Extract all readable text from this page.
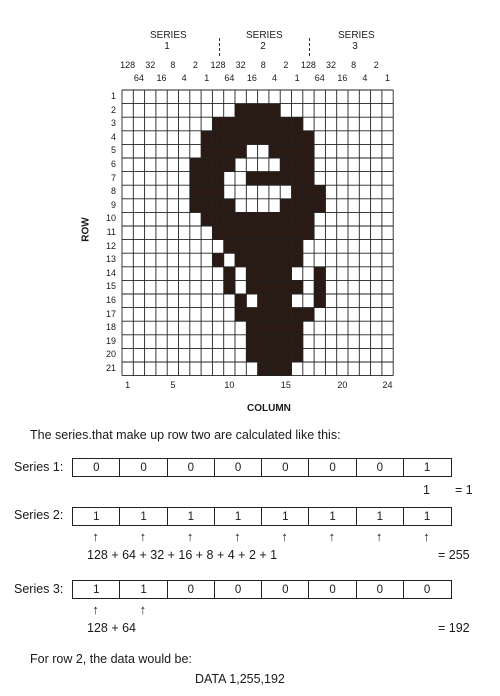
SERIES
1
SERIES
2
SERIES
3
128
64
32
16
8
4
2
1
128
64
32
16
8
4
2
1
128
64
32
16
8
4
2
1
ROW
1
2
3
4
5
6
7
8
9
10
11
12
13
14
15
16
17
18
19
20
21
1	5	10	15	20	24
COLUMN
The series.that make up row two are calculated like this:
Series 1:	0	0	0	0	0	0	0	1
1 = 1
Series 2:	1	1	1	1	1	1	1	1
↑	↑	↑	↑	↑	↑	↑	↑
128 + 64 + 32 + 16 + 8 + 4 + 2 + 1	= 255
Series 3:	1	1	0	0	0	0	0	0
↑	↑
128 + 64	= 192
For row 2, the data would be:
DATA 1,255,192
